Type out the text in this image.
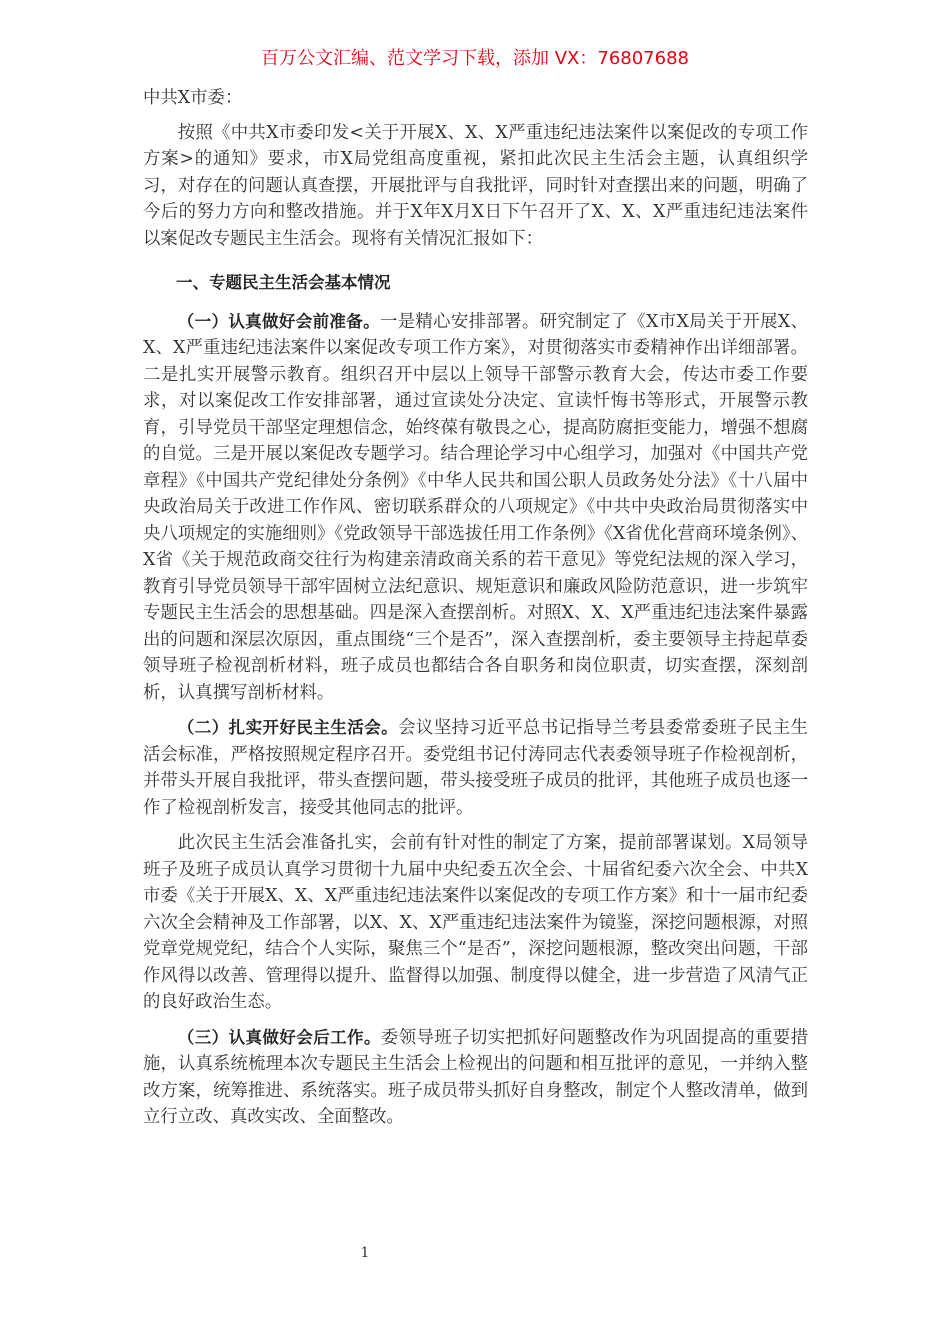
百万公文汇编、范文学习下载，添加 VX：76807688

中共X市委：

按照《中共X市委印发<关于开展X、X、X严重违纪违法案件以案促改的专项工作方案>的通知》要求，市X局党组高度重视，紧扣此次民主生活会主题，认真组织学习，对存在的问题认真查摆，开展批评与自我批评，同时针对查摆出来的问题，明确了今后的努力方向和整改措施。并于X年X月X日下午召开了X、X、X严重违纪违法案件以案促改专题民主生活会。现将有关情况汇报如下：

一、专题民主生活会基本情况

（一）认真做好会前准备。一是精心安排部署。研究制定了《X市X局关于开展X、X、X严重违纪违法案件以案促改专项工作方案》，对贯彻落实市委精神作出详细部署。二是扎实开展警示教育。组织召开中层以上领导干部警示教育大会，传达市委工作要求，对以案促改工作安排部署，通过宣读处分决定、宣读忏悔书等形式，开展警示教育，引导党员干部坚定理想信念，始终葆有敬畏之心，提高防腐拒变能力，增强不想腐的自觉。三是开展以案促改专题学习。结合理论学习中心组学习，加强对《中国共产党章程》《中国共产党纪律处分条例》《中华人民共和国公职人员政务处分法》《十八届中央政治局关于改进工作作风、密切联系群众的八项规定》《中共中央政治局贯彻落实中央八项规定的实施细则》《党政领导干部选拔任用工作条例》《X省优化营商环境条例》、X省《关于规范政商交往行为构建亲清政商关系的若干意见》等党纪法规的深入学习，教育引导党员领导干部牢固树立法纪意识、规矩意识和廉政风险防范意识，进一步筑牢专题民主生活会的思想基础。四是深入查摆剖析。对照X、X、X严重违纪违法案件暴露出的问题和深层次原因，重点围绕“三个是否”，深入查摆剖析，委主要领导主持起草委领导班子检视剖析材料，班子成员也都结合各自职务和岗位职责，切实查摆，深刻剖析，认真撰写剖析材料。

（二）扎实开好民主生活会。会议坚持习近平总书记指导兰考县委常委班子民主生活会标准，严格按照规定程序召开。委党组书记付涛同志代表委领导班子作检视剖析，并带头开展自我批评，带头查摆问题，带头接受班子成员的批评，其他班子成员也逐一作了检视剖析发言，接受其他同志的批评。

此次民主生活会准备扎实，会前有针对性的制定了方案，提前部署谋划。X局领导班子及班子成员认真学习贯彻十九届中央纪委五次全会、十届省纪委六次全会、中共X市委《关于开展X、X、X严重违纪违法案件以案促改的专项工作方案》和十一届市纪委六次全会精神及工作部署，以X、X、X严重违纪违法案件为镜鉴，深挖问题根源，对照党章党规党纪，结合个人实际，聚焦三个“是否”，深挖问题根源，整改突出问题，干部作风得以改善、管理得以提升、监督得以加强、制度得以健全，进一步营造了风清气正的良好政治生态。

（三）认真做好会后工作。委领导班子切实把抓好问题整改作为巩固提高的重要措施，认真系统梳理本次专题民主生活会上检视出的问题和相互批评的意见，一并纳入整改方案，统筹推进、系统落实。班子成员带头抓好自身整改，制定个人整改清单，做到立行立改、真改实改、全面整改。

1
